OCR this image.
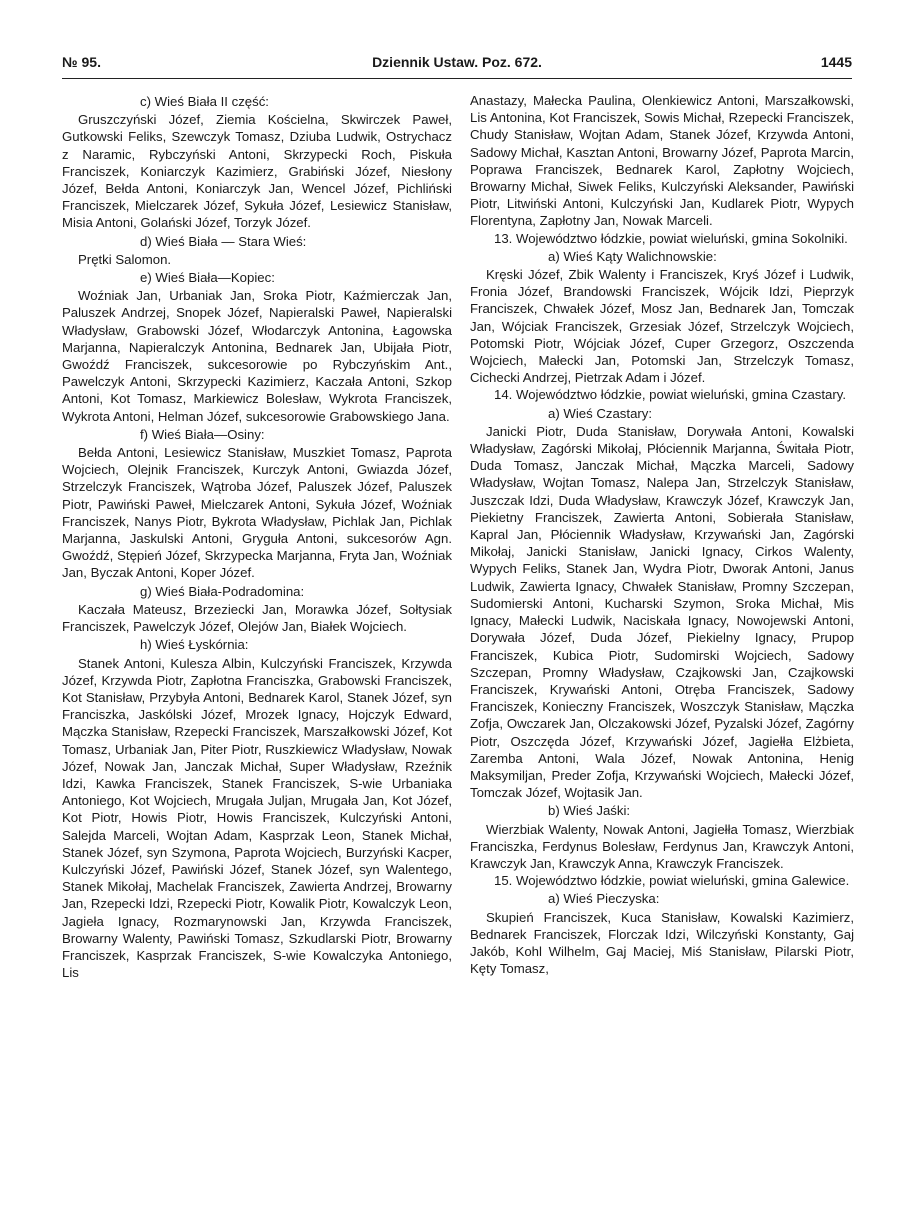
№ 95.	Dziennik Ustaw. Poz. 672.	1445

c) Wieś Biała II część:

Gruszczyński Józef, Ziemia Kościelna, Skwirczek Paweł, Gutkowski Feliks, Szewczyk Tomasz, Dziuba Ludwik, Ostrychacz z Naramic, Rybczyński Antoni, Skrzypecki Roch, Piskuła Franciszek, Koniarczyk Kazimierz, Grabiński Józef, Niesłony Józef, Bełda Antoni, Koniarczyk Jan, Wencel Józef, Pichliński Franciszek, Mielczarek Józef, Sykuła Józef, Lesiewicz Stanisław, Misia Antoni, Golański Józef, Torzyk Józef.

d) Wieś Biała — Stara Wieś:

Prętki Salomon.

e) Wieś Biała—Kopiec:

Woźniak Jan, Urbaniak Jan, Sroka Piotr, Kaźmierczak Jan, Paluszek Andrzej, Snopek Józef, Napieralski Paweł, Napieralski Władysław, Grabowski Józef, Włodarczyk Antonina, Łagowska Marjanna, Napieralczyk Antonina, Bednarek Jan, Ubijała Piotr, Gwoźdź Franciszek, sukcesorowie po Rybczyńskim Ant., Pawelczyk Antoni, Skrzypecki Kazimierz, Kaczała Antoni, Szkop Antoni, Kot Tomasz, Markiewicz Bolesław, Wykrota Franciszek, Wykrota Antoni, Helman Józef, sukcesorowie Grabowskiego Jana.

f) Wieś Biała—Osiny:

Bełda Antoni, Lesiewicz Stanisław, Muszkiet Tomasz, Paprota Wojciech, Olejnik Franciszek, Kurczyk Antoni, Gwiazda Józef, Strzelczyk Franciszek, Wątroba Józef, Paluszek Józef, Paluszek Piotr, Pawiński Paweł, Mielczarek Antoni, Sykuła Józef, Woźniak Franciszek, Nanys Piotr, Bykrota Władysław, Pichlak Jan, Pichlak Marjanna, Jaskulski Antoni, Gryguła Antoni, sukcesorów Agn. Gwoźdź, Stępień Józef, Skrzypecka Marjanna, Fryta Jan, Woźniak Jan, Byczak Antoni, Koper Józef.

g) Wieś Biała-Podradomina:

Kaczała Mateusz, Brzeziecki Jan, Morawka Józef, Sołtysiak Franciszek, Pawelczyk Józef, Olejów Jan, Białek Wojciech.

h) Wieś Łyskórnia:

Stanek Antoni, Kulesza Albin, Kulczyński Franciszek, Krzywda Józef, Krzywda Piotr, Zapłotna Franciszka, Grabowski Franciszek, Kot Stanisław, Przybyła Antoni, Bednarek Karol, Stanek Józef, syn Franciszka, Jaskólski Józef, Mrozek Ignacy, Hojczyk Edward, Mączka Stanisław, Rzepecki Franciszek, Marszałkowski Józef, Kot Tomasz, Urbaniak Jan, Piter Piotr, Ruszkiewicz Władysław, Nowak Józef, Nowak Jan, Janczak Michał, Super Władysław, Rzeźnik Idzi, Kawka Franciszek, Stanek Franciszek, S-wie Urbaniaka Antoniego, Kot Wojciech, Mrugała Juljan, Mrugała Jan, Kot Józef, Kot Piotr, Howis Piotr, Howis Franciszek, Kulczyński Antoni, Salejda Marceli, Wojtan Adam, Kasprzak Leon, Stanek Michał, Stanek Józef, syn Szymona, Paprota Wojciech, Burzyński Kacper, Kulczyński Józef, Pawiński Józef, Stanek Józef, syn Walentego, Stanek Mikołaj, Machelak Franciszek, Zawierta Andrzej, Browarny Jan, Rzepecki Idzi, Rzepecki Piotr, Kowalik Piotr, Kowalczyk Leon, Jagieła Ignacy, Rozmarynowski Jan, Krzywda Franciszek, Browarny Walenty, Pawiński Tomasz, Szkudlarski Piotr, Browarny Franciszek, Kasprzak Franciszek, S-wie Kowalczyka Antoniego, Lis

Anastazy, Małecka Paulina, Olenkiewicz Antoni, Marszałkowski, Lis Antonina, Kot Franciszek, Sowis Michał, Rzepecki Franciszek, Chudy Stanisław, Wojtan Adam, Stanek Józef, Krzywda Antoni, Sadowy Michał, Kasztan Antoni, Browarny Józef, Paprota Marcin, Poprawa Franciszek, Bednarek Karol, Zapłotny Wojciech, Browarny Michał, Siwek Feliks, Kulczyński Aleksander, Pawiński Piotr, Litwiński Antoni, Kulczyński Jan, Kudlarek Piotr, Wypych Florentyna, Zapłotny Jan, Nowak Marceli.

13. Województwo łódzkie, powiat wieluński, gmina Sokolniki.

a) Wieś Kąty Walichnowskie:

Kręski Józef, Zbik Walenty i Franciszek, Kryś Józef i Ludwik, Fronia Józef, Brandowski Franciszek, Wójcik Idzi, Pieprzyk Franciszek, Chwałek Józef, Mosz Jan, Bednarek Jan, Tomczak Jan, Wójciak Franciszek, Grzesiak Józef, Strzelczyk Wojciech, Potomski Piotr, Wójciak Józef, Cuper Grzegorz, Oszczenda Wojciech, Małecki Jan, Potomski Jan, Strzelczyk Tomasz, Cichecki Andrzej, Pietrzak Adam i Józef.

14. Województwo łódzkie, powiat wieluński, gmina Czastary.

a) Wieś Czastary:

Janicki Piotr, Duda Stanisław, Dorywała Antoni, Kowalski Władysław, Zagórski Mikołaj, Płóciennik Marjanna, Świtała Piotr, Duda Tomasz, Janczak Michał, Mączka Marceli, Sadowy Władysław, Wojtan Tomasz, Nalepa Jan, Strzelczyk Stanisław, Juszczak Idzi, Duda Władysław, Krawczyk Józef, Krawczyk Jan, Piekietny Franciszek, Zawierta Antoni, Sobierała Stanisław, Kapral Jan, Płóciennik Władysław, Krzywański Jan, Zagórski Mikołaj, Janicki Stanisław, Janicki Ignacy, Cirkos Walenty, Wypych Feliks, Stanek Jan, Wydra Piotr, Dworak Antoni, Janus Ludwik, Zawierta Ignacy, Chwałek Stanisław, Promny Szczepan, Sudomierski Antoni, Kucharski Szymon, Sroka Michał, Mis Ignacy, Małecki Ludwik, Naciskała Ignacy, Nowojewski Antoni, Dorywała Józef, Duda Józef, Piekielny Ignacy, Prupop Franciszek, Kubica Piotr, Sudomirski Wojciech, Sadowy Szczepan, Promny Władysław, Czajkowski Jan, Czajkowski Franciszek, Krywański Antoni, Otręba Franciszek, Sadowy Franciszek, Konieczny Franciszek, Woszczyk Stanisław, Mączka Zofja, Owczarek Jan, Olczakowski Józef, Pyzalski Józef, Zagórny Piotr, Oszczęda Józef, Krzywański Józef, Jagiełła Elżbieta, Zaremba Antoni, Wala Józef, Nowak Antonina, Henig Maksymiljan, Preder Zofja, Krzywański Wojciech, Małecki Józef, Tomczak Józef, Wojtasik Jan.

b) Wieś Jaśki:

Wierzbiak Walenty, Nowak Antoni, Jagiełła Tomasz, Wierzbiak Franciszka, Ferdynus Bolesław, Ferdynus Jan, Krawczyk Antoni, Krawczyk Jan, Krawczyk Anna, Krawczyk Franciszek.

15. Województwo łódzkie, powiat wieluński, gmina Galewice.

a) Wieś Pieczyska:

Skupień Franciszek, Kuca Stanisław, Kowalski Kazimierz, Bednarek Franciszek, Florczak Idzi, Wilczyński Konstanty, Gaj Jakób, Kohl Wilhelm, Gaj Maciej, Miś Stanisław, Pilarski Piotr, Kęty Tomasz,
